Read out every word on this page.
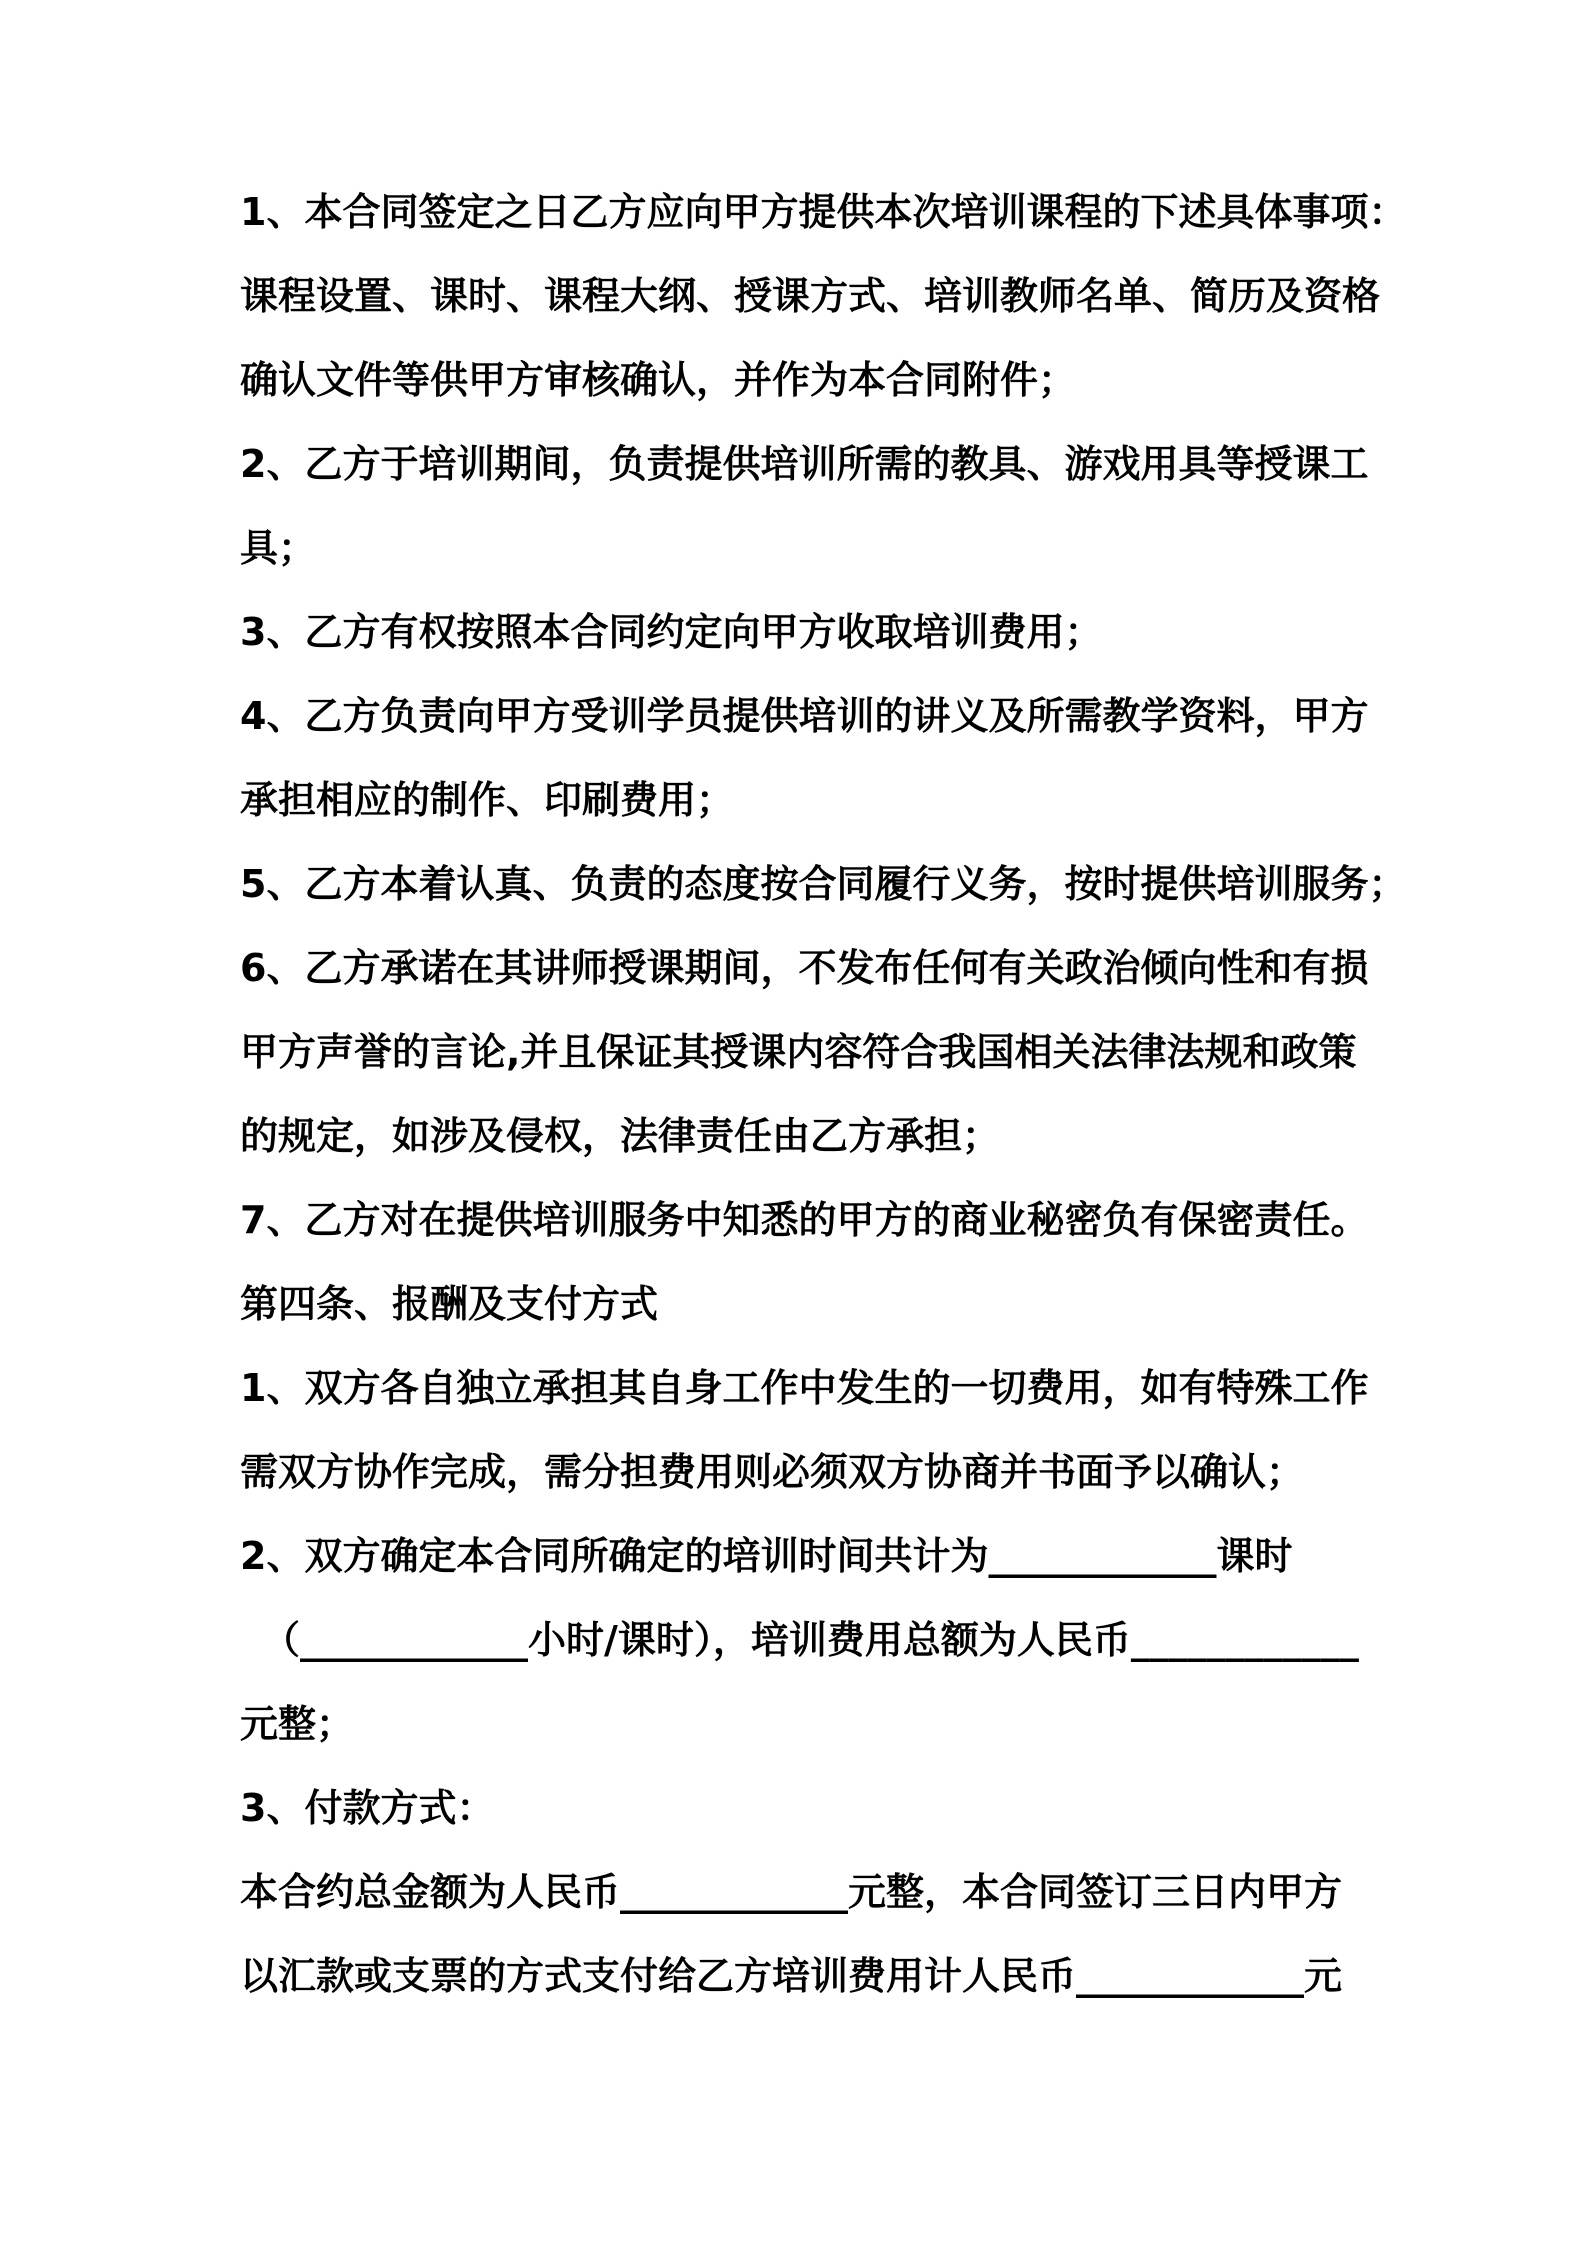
1、本合同签定之日乙方应向甲方提供本次培训课程的下述具体事项：

课程设置、课时、课程大纲、授课方式、培训教师名单、简历及资格

确认文件等供甲方审核确认，并作为本合同附件；

2、乙方于培训期间，负责提供培训所需的教具、游戏用具等授课工

具；

3、乙方有权按照本合同约定向甲方收取培训费用；

4、乙方负责向甲方受训学员提供培训的讲义及所需教学资料，甲方

承担相应的制作、印刷费用；

5、乙方本着认真、负责的态度按合同履行义务，按时提供培训服务；

6、乙方承诺在其讲师授课期间，不发布任何有关政治倾向性和有损

甲方声誉的言论,并且保证其授课内容符合我国相关法律法规和政策

的规定，如涉及侵权，法律责任由乙方承担；

7、乙方对在提供培训服务中知悉的甲方的商业秘密负有保密责任。

第四条、报酬及支付方式

1、双方各自独立承担其自身工作中发生的一切费用，如有特殊工作

需双方协作完成，需分担费用则必须双方协商并书面予以确认；

2、双方确定本合同所确定的培训时间共计为____________课时

（____________小时/课时），培训费用总额为人民币____________

元整；

3、付款方式：

本合约总金额为人民币____________元整，本合同签订三日内甲方

以汇款或支票的方式支付给乙方培训费用计人民币____________元
